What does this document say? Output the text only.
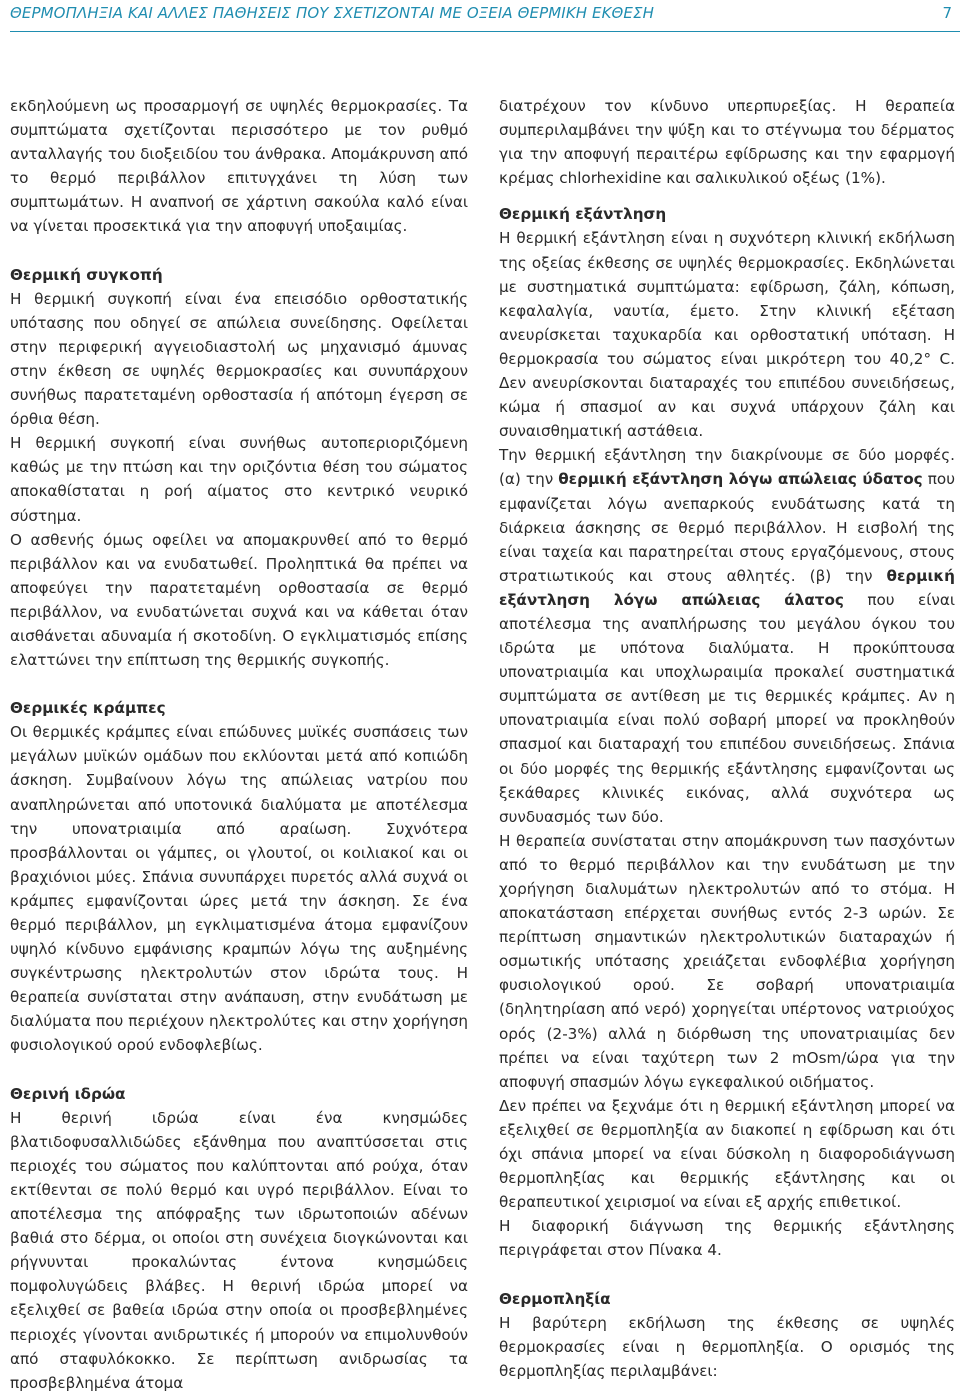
ΘΕΡΜΟΠΛΗΞΙΑ ΚΑΙ ΑΛΛΕΣ ΠΑΘΗΣΕΙΣ ΠΟΥ ΣΧΕΤΙΖΟΝΤΑΙ ΜΕ ΟΞΕΙΑ ΘΕΡΜΙΚΗ ΕΚΘΕΣΗ	7

εκδηλούμενη ως προσαρμογή σε υψηλές θερμοκρασίες. Τα συμπτώματα σχετίζονται περισσότερο με τον ρυθμό ανταλλαγής του διοξειδίου του άνθρακα. Απομάκρυνση από το θερμό περιβάλλον επιτυγχάνει τη λύση των συμπτωμάτων. Η αναπνοή σε χάρτινη σακούλα καλό είναι να γίνεται προσεκτικά για την αποφυγή υποξαιμίας.

Θερμική συγκοπή

Η θερμική συγκοπή είναι ένα επεισόδιο ορθοστατικής υπότασης που οδηγεί σε απώλεια συνείδησης. Οφείλεται στην περιφερική αγγειοδιαστολή ως μηχανισμό άμυνας στην έκθεση σε υψηλές θερμοκρασίες και συνυπάρχουν συνήθως παρατεταμένη ορθοστασία ή απότομη έγερση σε όρθια θέση.

Η θερμική συγκοπή είναι συνήθως αυτοπεριοριζόμενη καθώς με την πτώση και την οριζόντια θέση του σώματος αποκαθίσταται η ροή αίματος στο κεντρικό νευρικό σύστημα.

Ο ασθενής όμως οφείλει να απομακρυνθεί από το θερμό περιβάλλον και να ενυδατωθεί. Προληπτικά θα πρέπει να αποφεύγει την παρατεταμένη ορθοστασία σε θερμό περιβάλλον, να ενυδατώνεται συχνά και να κάθεται όταν αισθάνεται αδυναμία ή σκοτοδίνη. Ο εγκλιματισμός επίσης ελαττώνει την επίπτωση της θερμικής συγκοπής.

Θερμικές κράμπες

Οι θερμικές κράμπες είναι επώδυνες μυϊκές συσπάσεις των μεγάλων μυϊκών ομάδων που εκλύονται μετά από κοπιώδη άσκηση. Συμβαίνουν λόγω της απώλειας νατρίου που αναπληρώνεται από υποτονικά διαλύματα με αποτέλεσμα την υπονατριαιμία από αραίωση. Συχνότερα προσβάλλονται οι γάμπες, οι γλουτοί, οι κοιλιακοί και οι βραχιόνιοι μύες. Σπάνια συνυπάρχει πυρετός αλλά συχνά οι κράμπες εμφανίζονται ώρες μετά την άσκηση. Σε ένα θερμό περιβάλλον, μη εγκλιματισμένα άτομα εμφανίζουν υψηλό κίνδυνο εμφάνισης κραμπών λόγω της αυξημένης συγκέντρωσης ηλεκτρολυτών στον ιδρώτα τους. Η θεραπεία συνίσταται στην ανάπαυση, στην ενυδάτωση με διαλύματα που περιέχουν ηλεκτρολύτες και στην χορήγηση φυσιολογικού ορού ενδοφλεβίως.

Θερινή ιδρώα

Η θερινή ιδρώα είναι ένα κνησμώδες βλατιδοφυσαλλιδώδες εξάνθημα που αναπτύσσεται στις περιοχές του σώματος που καλύπτονται από ρούχα, όταν εκτίθενται σε πολύ θερμό και υγρό περιβάλλον. Είναι το αποτέλεσμα της απόφραξης των ιδρωτοποιών αδένων βαθιά στο δέρμα, οι οποίοι στη συνέχεια διογκώνονται και ρήγνυνται προκαλώντας έντονα κνησμώδεις πομφολυγώδεις βλάβες. Η θερινή ιδρώα μπορεί να εξελιχθεί σε βαθεία ιδρώα στην οποία οι προσβεβλημένες περιοχές γίνονται ανιδρωτικές ή μπορούν να επιμολυνθούν από σταφυλόκοκκο. Σε περίπτωση ανιδρωσίας τα προσβεβλημένα άτομα

διατρέχουν τον κίνδυνο υπερπυρεξίας. Η θεραπεία συμπεριλαμβάνει την ψύξη και το στέγνωμα του δέρματος για την αποφυγή περαιτέρω εφίδρωσης και την εφαρμογή κρέμας chlorhexidine και σαλικυλικού οξέως (1%).

Θερμική εξάντληση

Η θερμική εξάντληση είναι η συχνότερη κλινική εκδήλωση της οξείας έκθεσης σε υψηλές θερμοκρασίες. Εκδηλώνεται με συστηματικά συμπτώματα: εφίδρωση, ζάλη, κόπωση, κεφαλαλγία, ναυτία, έμετο. Στην κλινική εξέταση ανευρίσκεται ταχυκαρδία και ορθοστατική υπόταση. Η θερμοκρασία του σώματος είναι μικρότερη του 40,2° C. Δεν ανευρίσκονται διαταραχές του επιπέδου συνειδήσεως, κώμα ή σπασμοί αν και συχνά υπάρχουν ζάλη και συναισθηματική αστάθεια.

Την θερμική εξάντληση την διακρίνουμε σε δύο μορφές. (α) την θερμική εξάντληση λόγω απώλειας ύδατος που εμφανίζεται λόγω ανεπαρκούς ενυδάτωσης κατά τη διάρκεια άσκησης σε θερμό περιβάλλον. Η εισβολή της είναι ταχεία και παρατηρείται στους εργαζόμενους, στους στρατιωτικούς και στους αθλητές. (β) την θερμική εξάντληση λόγω απώλειας άλατος που είναι αποτέλεσμα της αναπλήρωσης του μεγάλου όγκου του ιδρώτα με υπότονα διαλύματα. Η προκύπτουσα υπονατριαιμία και υποχλωραιμία προκαλεί συστηματικά συμπτώματα σε αντίθεση με τις θερμικές κράμπες. Αν η υπονατριαιμία είναι πολύ σοβαρή μπορεί να προκληθούν σπασμοί και διαταραχή του επιπέδου συνειδήσεως. Σπάνια οι δύο μορφές της θερμικής εξάντλησης εμφανίζονται ως ξεκάθαρες κλινικές εικόνας, αλλά συχνότερα ως συνδυασμός των δύο.

Η θεραπεία συνίσταται στην απομάκρυνση των πασχόντων από το θερμό περιβάλλον και την ενυδάτωση με την χορήγηση διαλυμάτων ηλεκτρολυτών από το στόμα. Η αποκατάσταση επέρχεται συνήθως εντός 2-3 ωρών. Σε περίπτωση σημαντικών ηλεκτρολυτικών διαταραχών ή οσμωτικής υπότασης χρειάζεται ενδοφλέβια χορήγηση φυσιολογικού ορού. Σε σοβαρή υπονατριαιμία (δηλητηρίαση από νερό) χορηγείται υπέρτονος νατριούχος ορός (2-3%) αλλά η διόρθωση της υπονατριαιμίας δεν πρέπει να είναι ταχύτερη των 2 mOsm/ώρα για την αποφυγή σπασμών λόγω εγκεφαλικού οιδήματος.

Δεν πρέπει να ξεχνάμε ότι η θερμική εξάντληση μπορεί να εξελιχθεί σε θερμοπληξία αν διακοπεί η εφίδρωση και ότι όχι σπάνια μπορεί να είναι δύσκολη η διαφοροδιάγνωση θερμοπληξίας και θερμικής εξάντλησης και οι θεραπευτικοί χειρισμοί να είναι εξ αρχής επιθετικοί.

Η διαφορική διάγνωση της θερμικής εξάντλησης περιγράφεται στον Πίνακα 4.

Θερμοπληξία

Η βαρύτερη εκδήλωση της έκθεσης σε υψηλές θερμοκρασίες είναι η θερμοπληξία. Ο ορισμός της θερμοπληξίας περιλαμβάνει:
